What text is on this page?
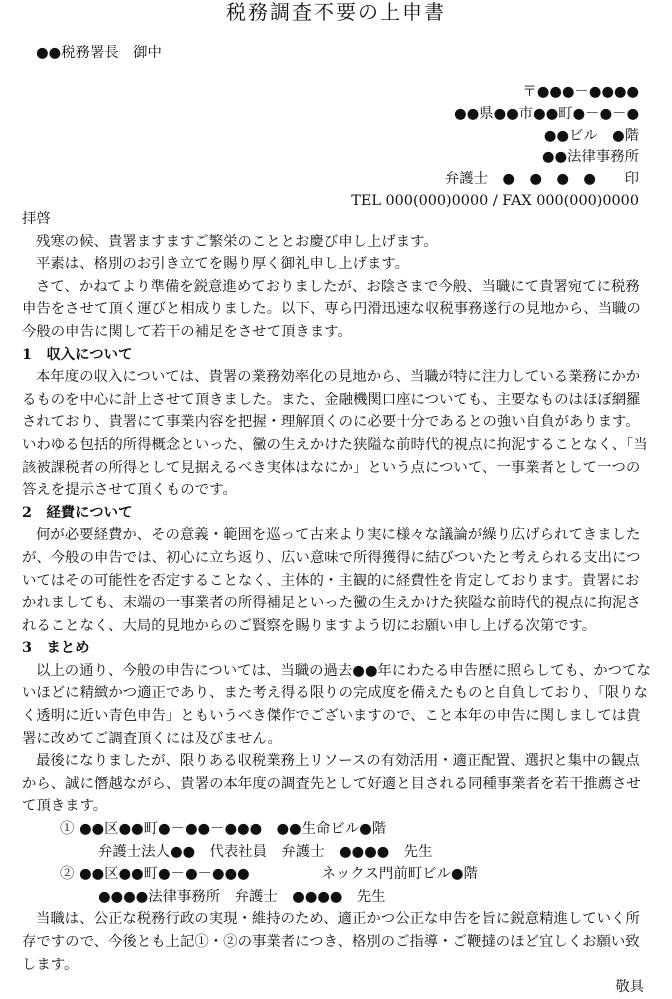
税務調査不要の上申書
●●税務署長　御中
〒●●●－●●●●
●●県●●市●●町●－●－●
●●ビル　●階
●●法律事務所
弁護士　●　●　●　●　　印
TEL 000(000)0000 / FAX 000(000)0000

拝啓

残寒の候、貴署ますますご繁栄のこととお慶び申し上げます。

平素は、格別のお引き立てを賜り厚く御礼申し上げます。

さて、かねてより準備を鋭意進めておりましたが、お陰さまで今般、当職にて貴署宛てに税務申告をさせて頂く運びと相成りました。以下、専ら円滑迅速な収税事務遂行の見地から、当職の今般の申告に関して若干の補足をさせて頂きます。

1　収入について

本年度の収入については、貴署の業務効率化の見地から、当職が特に注力している業務にかかるものを中心に計上させて頂きました。また、金融機関口座についても、主要なものはほぼ網羅されており、貴署にて事業内容を把握・理解頂くのに必要十分であるとの強い自負があります。いわゆる包括的所得概念といった、黴の生えかけた狭隘な前時代的視点に拘泥することなく、「当該被課税者の所得として見据えるべき実体はなにか」という点について、一事業者として一つの答えを提示させて頂くものです。

2　経費について

何が必要経費か、その意義・範囲を巡って古来より実に様々な議論が繰り広げられてきましたが、今般の申告では、初心に立ち返り、広い意味で所得獲得に結びついたと考えられる支出についてはその可能性を否定することなく、主体的・主観的に経費性を肯定しております。貴署におかれましても、末端の一事業者の所得補足といった黴の生えかけた狭隘な前時代的視点に拘泥されることなく、大局的見地からのご賢察を賜りますよう切にお願い申し上げる次第です。

3　まとめ

以上の通り、今般の申告については、当職の過去●●年にわたる申告歴に照らしても、かつてないほどに精緻かつ適正であり、また考え得る限りの完成度を備えたものと自負しており、「限りなく透明に近い青色申告」ともいうべき傑作でございますので、こと本年の申告に関しましては貴署に改めてご調査頂くには及びません。

最後になりましたが、限りある収税業務上リソースの有効活用・適正配置、選択と集中の観点から、誠に僭越ながら、貴署の本年度の調査先として好適と目される同種事業者を若干推薦させて頂きます。

① ●●区●●町●－●●－●●●　●●生命ビル●階

弁護士法人●●　代表社員　弁護士　●●●●　先生

② ●●区●●町●－●－●●●　　　　　ネックス門前町ビル●階

●●●●法律事務所　弁護士　●●●●　先生

当職は、公正な税務行政の実現・維持のため、適正かつ公正な申告を旨に鋭意精進していく所存ですので、今後とも上記①・②の事業者につき、格別のご指導・ご鞭撻のほど宜しくお願い致します。

敬具
